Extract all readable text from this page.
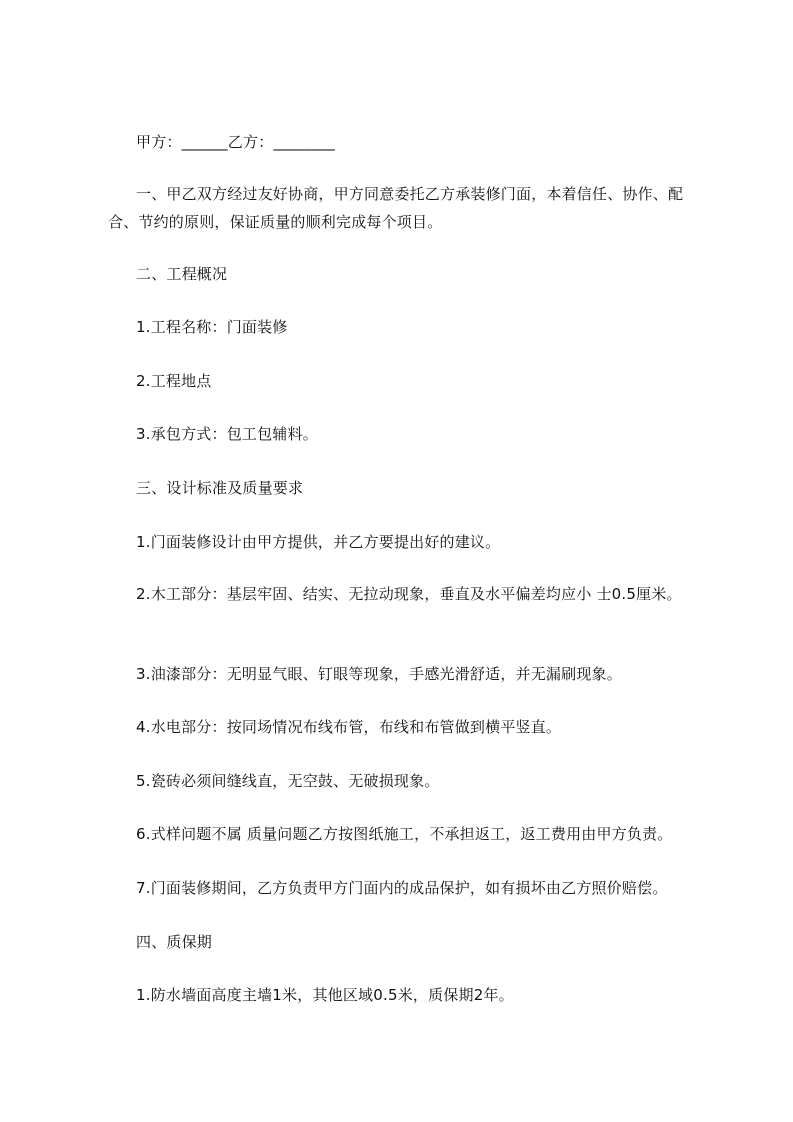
甲方：______乙方：________
一、甲乙双方经过友好协商，甲方同意委托乙方承装修门面，本着信任、协作、配合、节约的原则，保证质量的顺利完成每个项目。
二、工程概况
1.工程名称：门面装修
2.工程地点
3.承包方式：包工包辅料。
三、设计标准及质量要求
1.门面装修设计由甲方提供，并乙方要提出好的建议。
2.木工部分：基层牢固、结实、无拉动现象，垂直及水平偏差均应小 士0.5厘米。
3.油漆部分：无明显气眼、钉眼等现象，手感光滑舒适，并无漏刷现象。
4.水电部分：按同场情况布线布管，布线和布管做到横平竖直。
5.瓷砖必须间缝线直，无空鼓、无破损现象。
6.式样问题不属 质量问题乙方按图纸施工，不承担返工，返工费用由甲方负责。
7.门面装修期间，乙方负责甲方门面内的成品保护，如有损坏由乙方照价赔偿。
四、质保期
1.防水墙面高度主墙1米，其他区域0.5米，质保期2年。
